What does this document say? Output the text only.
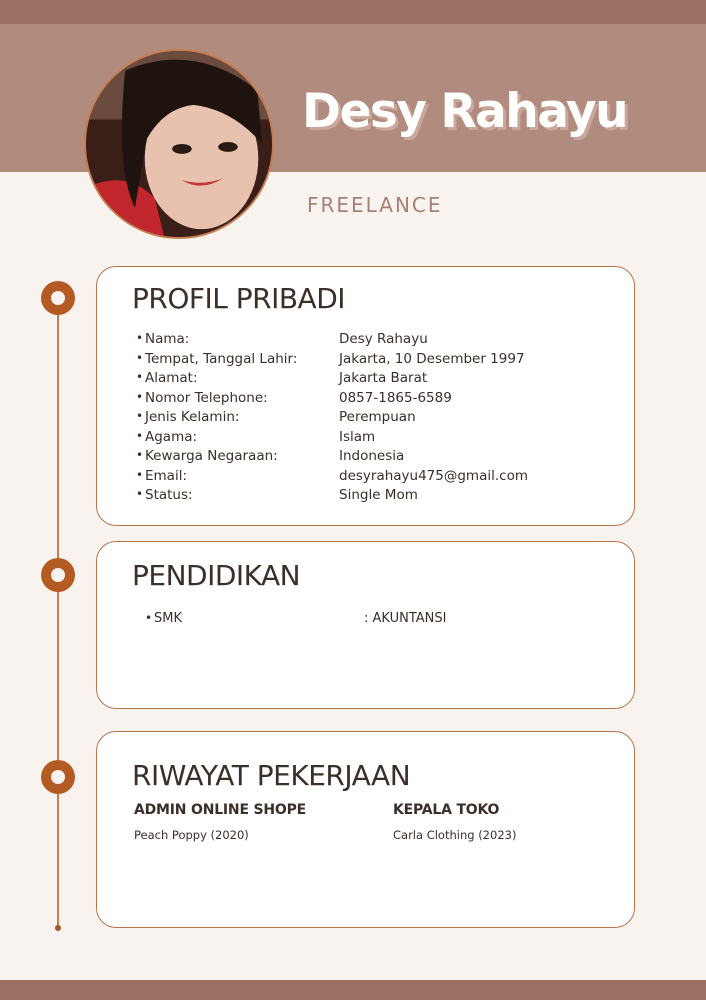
Desy Rahayu
FREELANCE
PROFIL PRIBADI
• Nama:	Desy Rahayu
• Tempat, Tanggal Lahir:	Jakarta, 10 Desember 1997
• Alamat:	Jakarta Barat
• Nomor Telephone:	0857-1865-6589
• Jenis Kelamin:	Perempuan
• Agama:	Islam
• Kewarga Negaraan:	Indonesia
• Email:	desyrahayu475@gmail.com
• Status:	Single Mom
PENDIDIKAN
• SMK	: AKUNTANSI
RIWAYAT PEKERJAAN
ADMIN ONLINE SHOPE
Peach Poppy (2020)
KEPALA TOKO
Carla Clothing (2023)
